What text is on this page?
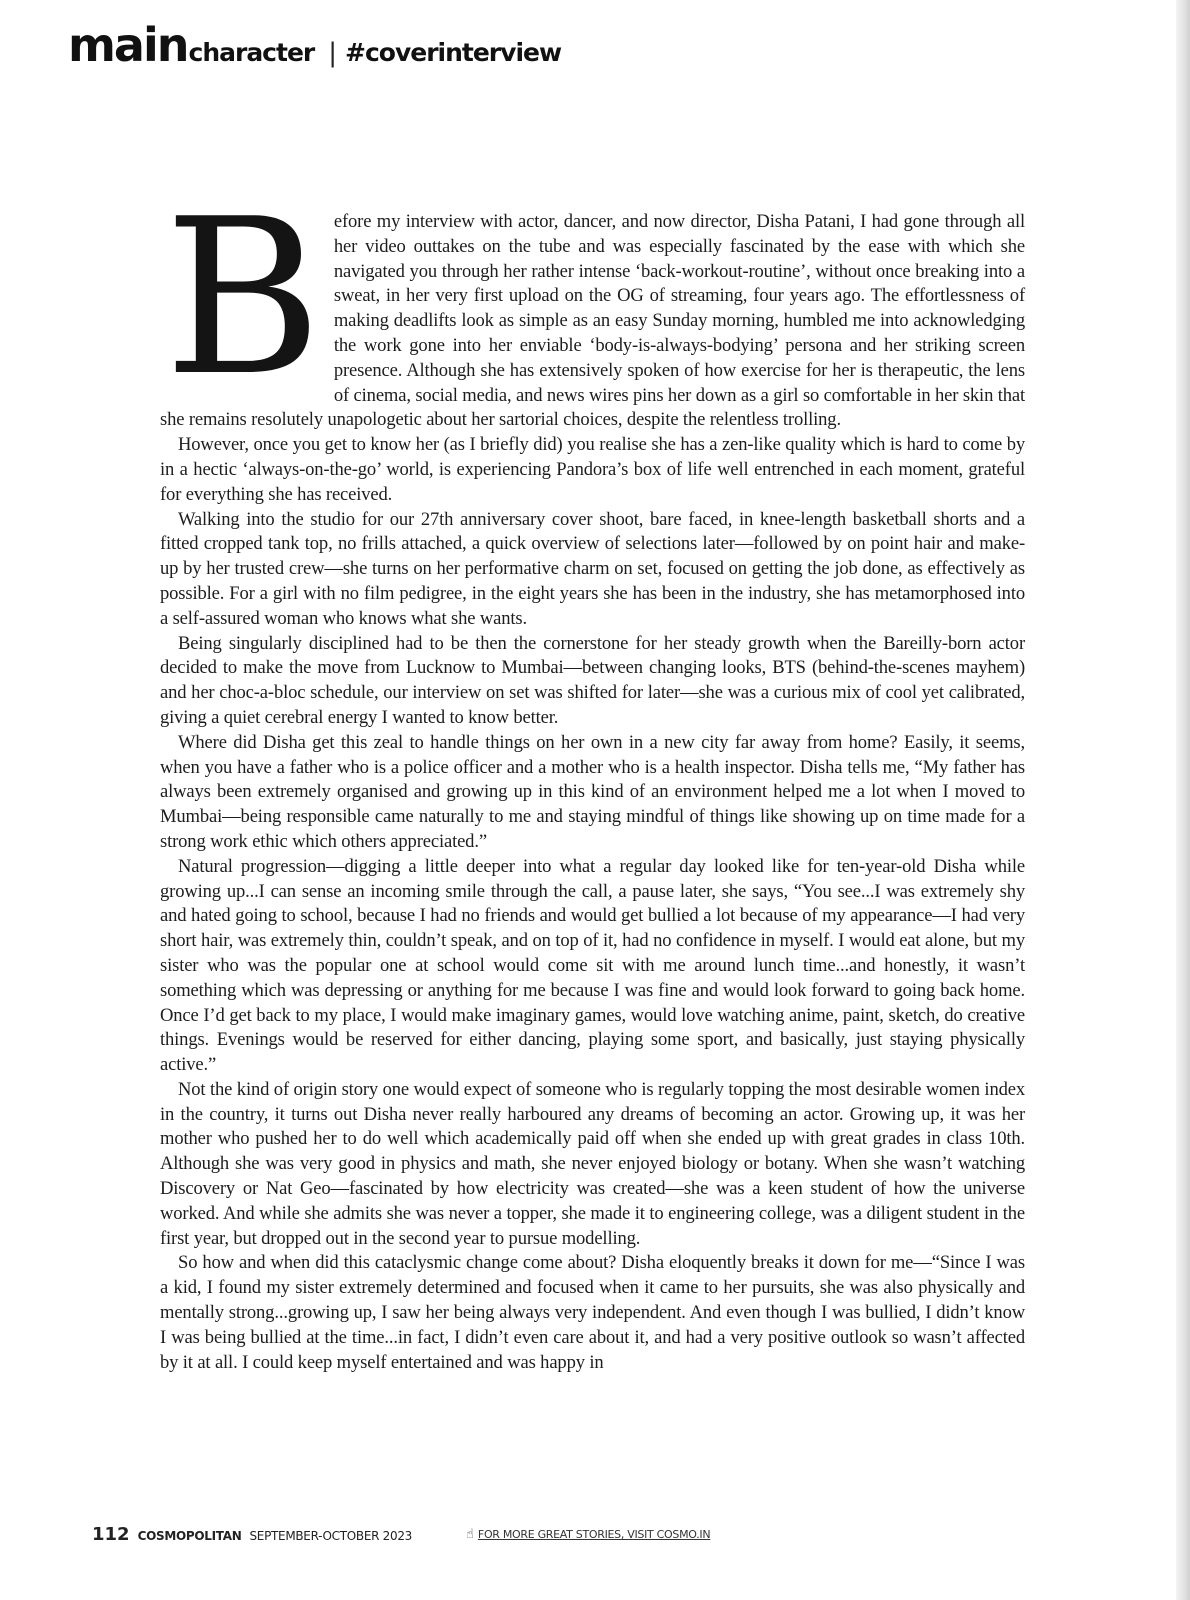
main character | #coverinterview

Before my interview with actor, dancer, and now director, Disha Patani, I had gone through all her video outtakes on the tube and was especially fascinated by the ease with which she navigated you through her rather intense ‘back-workout-routine’, without once breaking into a sweat, in her very first upload on the OG of streaming, four years ago. The effortlessness of making deadlifts look as simple as an easy Sunday morning, humbled me into acknowledging the work gone into her enviable ‘body-is-always-bodying’ persona and her striking screen presence. Although she has extensively spoken of how exercise for her is therapeutic, the lens of cinema, social media, and news wires pins her down as a girl so comfortable in her skin that she remains resolutely unapologetic about her sartorial choices, despite the relentless trolling.

However, once you get to know her (as I briefly did) you realise she has a zen-like quality which is hard to come by in a hectic ‘always-on-the-go’ world, is experiencing Pandora’s box of life well entrenched in each moment, grateful for everything she has received.

Walking into the studio for our 27th anniversary cover shoot, bare faced, in knee-length basketball shorts and a fitted cropped tank top, no frills attached, a quick overview of selections later—followed by on point hair and make-up by her trusted crew—she turns on her performative charm on set, focused on getting the job done, as effectively as possible. For a girl with no film pedigree, in the eight years she has been in the industry, she has metamorphosed into a self-assured woman who knows what she wants.

Being singularly disciplined had to be then the cornerstone for her steady growth when the Bareilly-born actor decided to make the move from Lucknow to Mumbai—between changing looks, BTS (behind-the-scenes mayhem) and her choc-a-bloc schedule, our interview on set was shifted for later—she was a curious mix of cool yet calibrated, giving a quiet cerebral energy I wanted to know better.

Where did Disha get this zeal to handle things on her own in a new city far away from home? Easily, it seems, when you have a father who is a police officer and a mother who is a health inspector. Disha tells me, “My father has always been extremely organised and growing up in this kind of an environment helped me a lot when I moved to Mumbai—being responsible came naturally to me and staying mindful of things like showing up on time made for a strong work ethic which others appreciated.”

Natural progression—digging a little deeper into what a regular day looked like for ten-year-old Disha while growing up...I can sense an incoming smile through the call, a pause later, she says, “You see...I was extremely shy and hated going to school, because I had no friends and would get bullied a lot because of my appearance—I had very short hair, was extremely thin, couldn’t speak, and on top of it, had no confidence in myself. I would eat alone, but my sister who was the popular one at school would come sit with me around lunch time...and honestly, it wasn’t something which was depressing or anything for me because I was fine and would look forward to going back home. Once I’d get back to my place, I would make imaginary games, would love watching anime, paint, sketch, do creative things. Evenings would be reserved for either dancing, playing some sport, and basically, just staying physically active.”

Not the kind of origin story one would expect of someone who is regularly topping the most desirable women index in the country, it turns out Disha never really harboured any dreams of becoming an actor. Growing up, it was her mother who pushed her to do well which academically paid off when she ended up with great grades in class 10th. Although she was very good in physics and math, she never enjoyed biology or botany. When she wasn’t watching Discovery or Nat Geo—fascinated by how electricity was created—she was a keen student of how the universe worked. And while she admits she was never a topper, she made it to engineering college, was a diligent student in the first year, but dropped out in the second year to pursue modelling.

So how and when did this cataclysmic change come about? Disha eloquently breaks it down for me—“Since I was a kid, I found my sister extremely determined and focused when it came to her pursuits, she was also physically and mentally strong...growing up, I saw her being always very independent. And even though I was bullied, I didn’t know I was being bullied at the time...in fact, I didn’t even care about it, and had a very positive outlook so wasn’t affected by it at all. I could keep myself entertained and was happy in

112 COSMOPOLITAN SEPTEMBER-OCTOBER 2023	☝ FOR MORE GREAT STORIES, VISIT COSMO.IN
